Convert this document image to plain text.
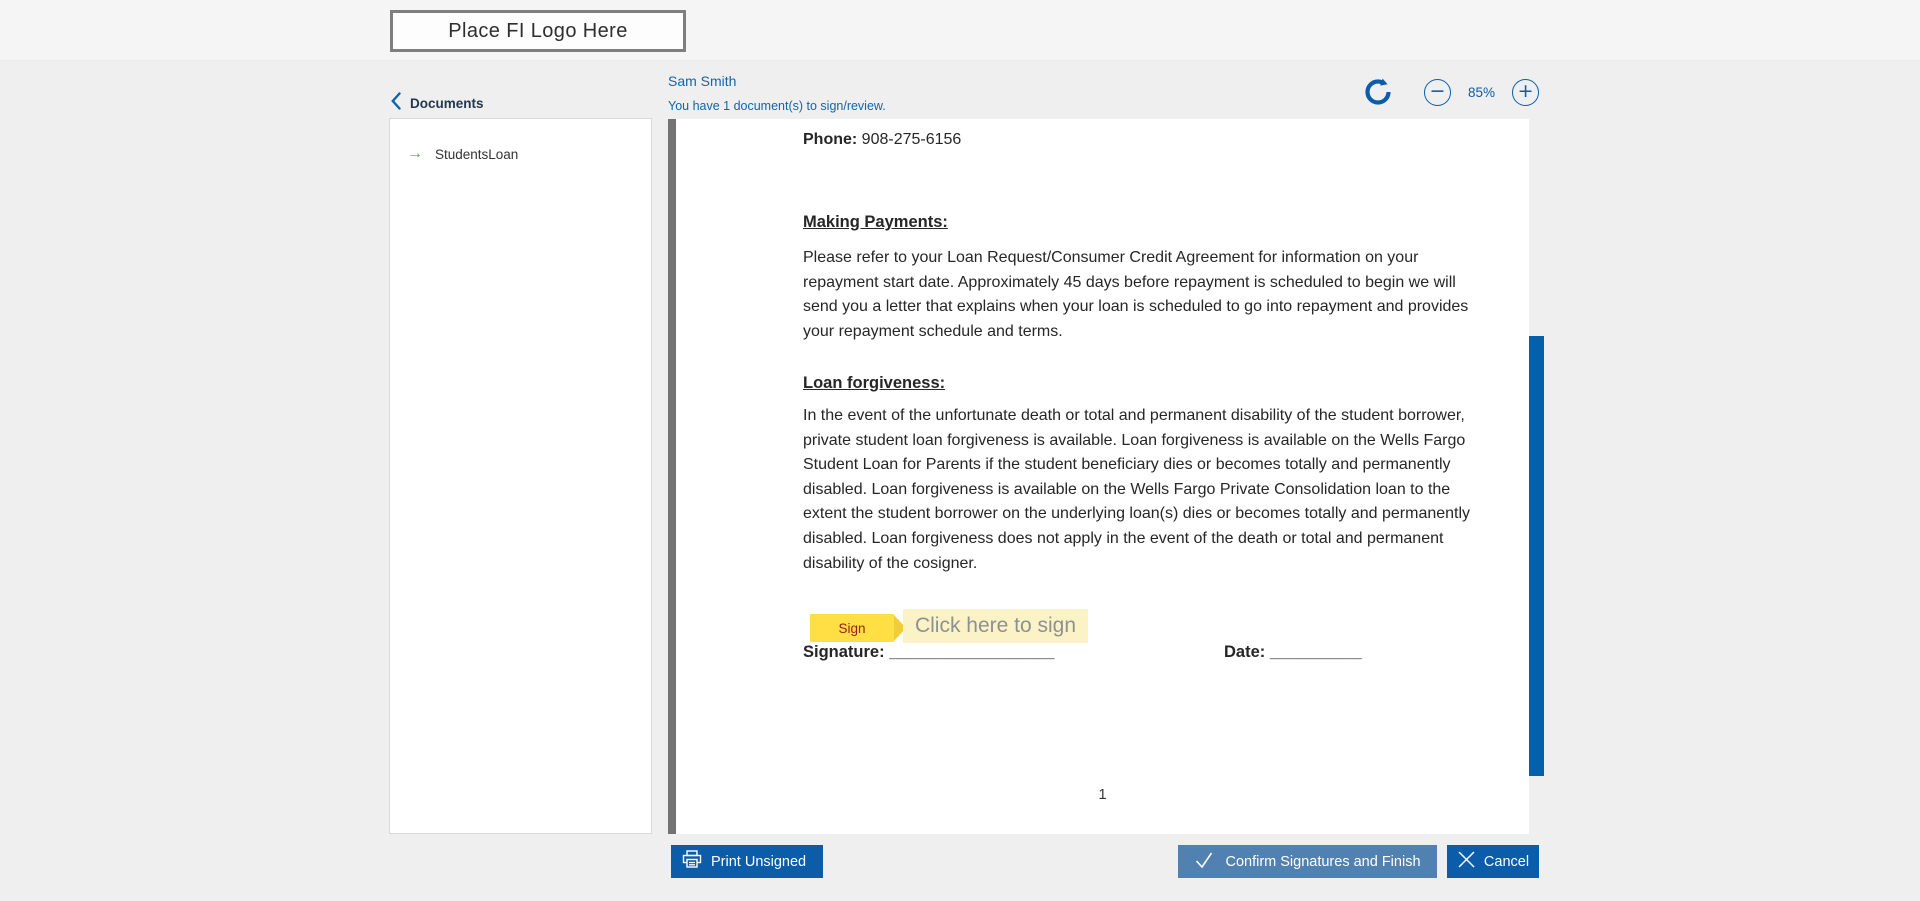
Place FI Logo Here
Documents
Sam Smith
You have 1 document(s) to sign/review.
−	85% +
→ StudentsLoan
Phone: 908-275-6156
Making Payments:
Please refer to your Loan Request/Consumer Credit Agreement for information on your repayment start date. Approximately 45 days before repayment is scheduled to begin we will send you a letter that explains when your loan is scheduled to go into repayment and provides your repayment schedule and terms.
Loan forgiveness:
In the event of the unfortunate death or total and permanent disability of the student borrower, private student loan forgiveness is available. Loan forgiveness is available on the Wells Fargo Student Loan for Parents if the student beneficiary dies or becomes totally and permanently disabled. Loan forgiveness is available on the Wells Fargo Private Consolidation loan to the extent the student borrower on the underlying loan(s) dies or becomes totally and permanently disabled. Loan forgiveness does not apply in the event of the death or total and permanent disability of the cosigner.
Sign Click here to sign
Signature: __________________	Date: __________
1
Print Unsigned	Confirm Signatures and Finish	Cancel
